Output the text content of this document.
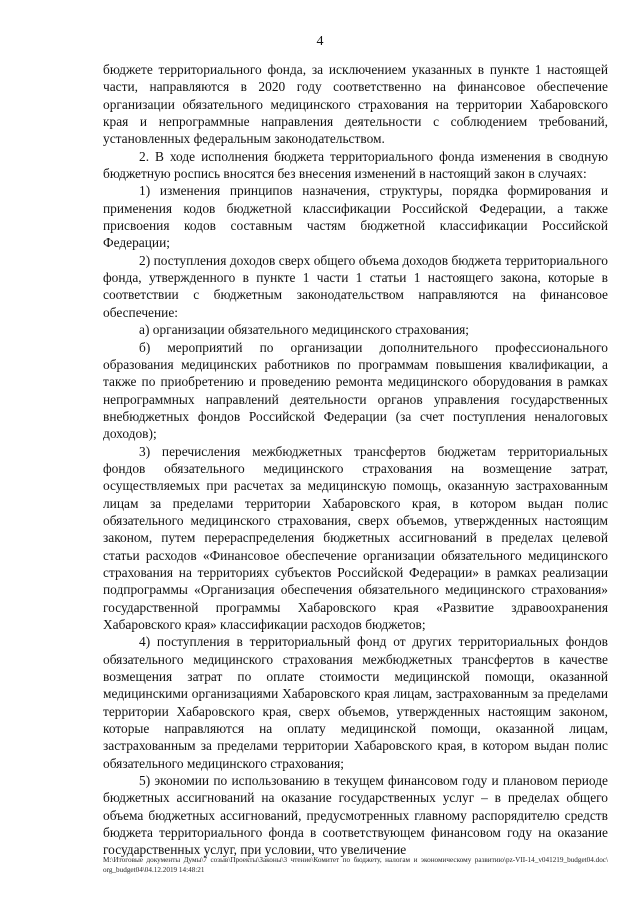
4

бюджете территориального фонда, за исключением указанных в пункте 1 настоящей части, направляются в 2020 году соответственно на финансовое обеспечение организации обязательного медицинского страхования на территории Хабаровского края и непрограммные направления деятельности с соблюдением требований, установленных федеральным законодательством.

2. В ходе исполнения бюджета территориального фонда изменения в сводную бюджетную роспись вносятся без внесения изменений в настоящий закон в случаях:

1) изменения принципов назначения, структуры, порядка формирования и применения кодов бюджетной классификации Российской Федерации, а также присвоения кодов составным частям бюджетной классификации Российской Федерации;

2) поступления доходов сверх общего объема доходов бюджета территориального фонда, утвержденного в пункте 1 части 1 статьи 1 настоящего закона, которые в соответствии с бюджетным законодательством направляются на финансовое обеспечение:

а) организации обязательного медицинского страхования;

б) мероприятий по организации дополнительного профессионального образования медицинских работников по программам повышения квалификации, а также по приобретению и проведению ремонта медицинского оборудования в рамках непрограммных направлений деятельности органов управления государственных внебюджетных фондов Российской Федерации (за счет поступления неналоговых доходов);

3) перечисления межбюджетных трансфертов бюджетам территориальных фондов обязательного медицинского страхования на возмещение затрат, осуществляемых при расчетах за медицинскую помощь, оказанную застрахованным лицам за пределами территории Хабаровского края, в котором выдан полис обязательного медицинского страхования, сверх объемов, утвержденных настоящим законом, путем перераспределения бюджетных ассигнований в пределах целевой статьи расходов «Финансовое обеспечение организации обязательного медицинского страхования на территориях субъектов Российской Федерации» в рамках реализации подпрограммы «Организация обеспечения обязательного медицинского страхования» государственной программы Хабаровского края «Развитие здравоохранения Хабаровского края» классификации расходов бюджетов;

4) поступления в территориальный фонд от других территориальных фондов обязательного медицинского страхования межбюджетных трансфертов в качестве возмещения затрат по оплате стоимости медицинской помощи, оказанной медицинскими организациями Хабаровского края лицам, застрахованным за пределами территории Хабаровского края, сверх объемов, утвержденных настоящим законом, которые направляются на оплату медицинской помощи, оказанной лицам, застрахованным за пределами территории Хабаровского края, в котором выдан полис обязательного медицинского страхования;

5) экономии по использованию в текущем финансовом году и плановом периоде бюджетных ассигнований на оказание государственных услуг – в пределах общего объема бюджетных ассигнований, предусмотренных главному распорядителю средств бюджета территориального фонда в соответствующем финансовом году на оказание государственных услуг, при условии, что увеличение

M:\Итоговые документы Думы\7 созыв\Проекты\Законы\3 чтение\Комитет по бюджету, налогам и экономическому развитию\pz-VII-14_v041219_budget04.doc\ org_budget04\04.12.2019 14:48:21
